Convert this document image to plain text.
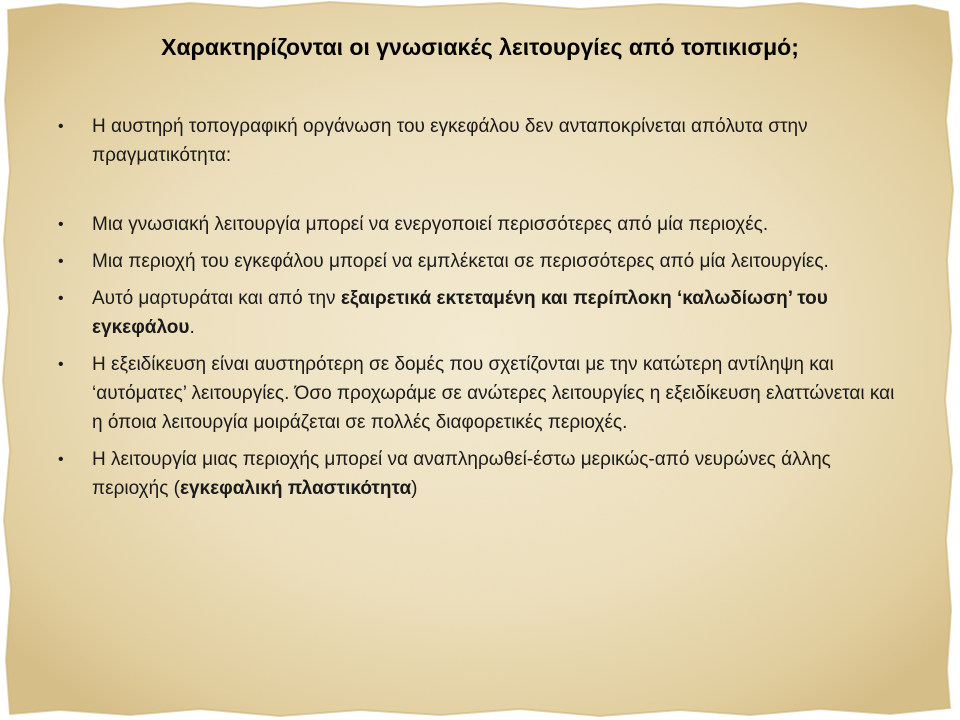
Χαρακτηρίζονται οι γνωσιακές λειτουργίες από τοπικισμό;
• Η αυστηρή τοπογραφική οργάνωση του εγκεφάλου δεν ανταποκρίνεται απόλυτα στην πραγματικότητα:
• Μια γνωσιακή λειτουργία μπορεί να ενεργοποιεί περισσότερες από μία περιοχές.
• Μια περιοχή του εγκεφάλου μπορεί να εμπλέκεται σε περισσότερες από μία λειτουργίες.
• Αυτό μαρτυράται και από την εξαιρετικά εκτεταμένη και περίπλοκη ‘καλωδίωση’ του εγκεφάλου.
• Η εξειδίκευση είναι αυστηρότερη σε δομές που σχετίζονται με την κατώτερη αντίληψη και ‘αυτόματες’ λειτουργίες. Όσο προχωράμε σε ανώτερες λειτουργίες η εξειδίκευση ελαττώνεται και η όποια λειτουργία μοιράζεται σε πολλές διαφορετικές περιοχές.
• Η λειτουργία μιας περιοχής μπορεί να αναπληρωθεί-έστω μερικώς-από νευρώνες άλλης περιοχής (εγκεφαλική πλαστικότητα)
